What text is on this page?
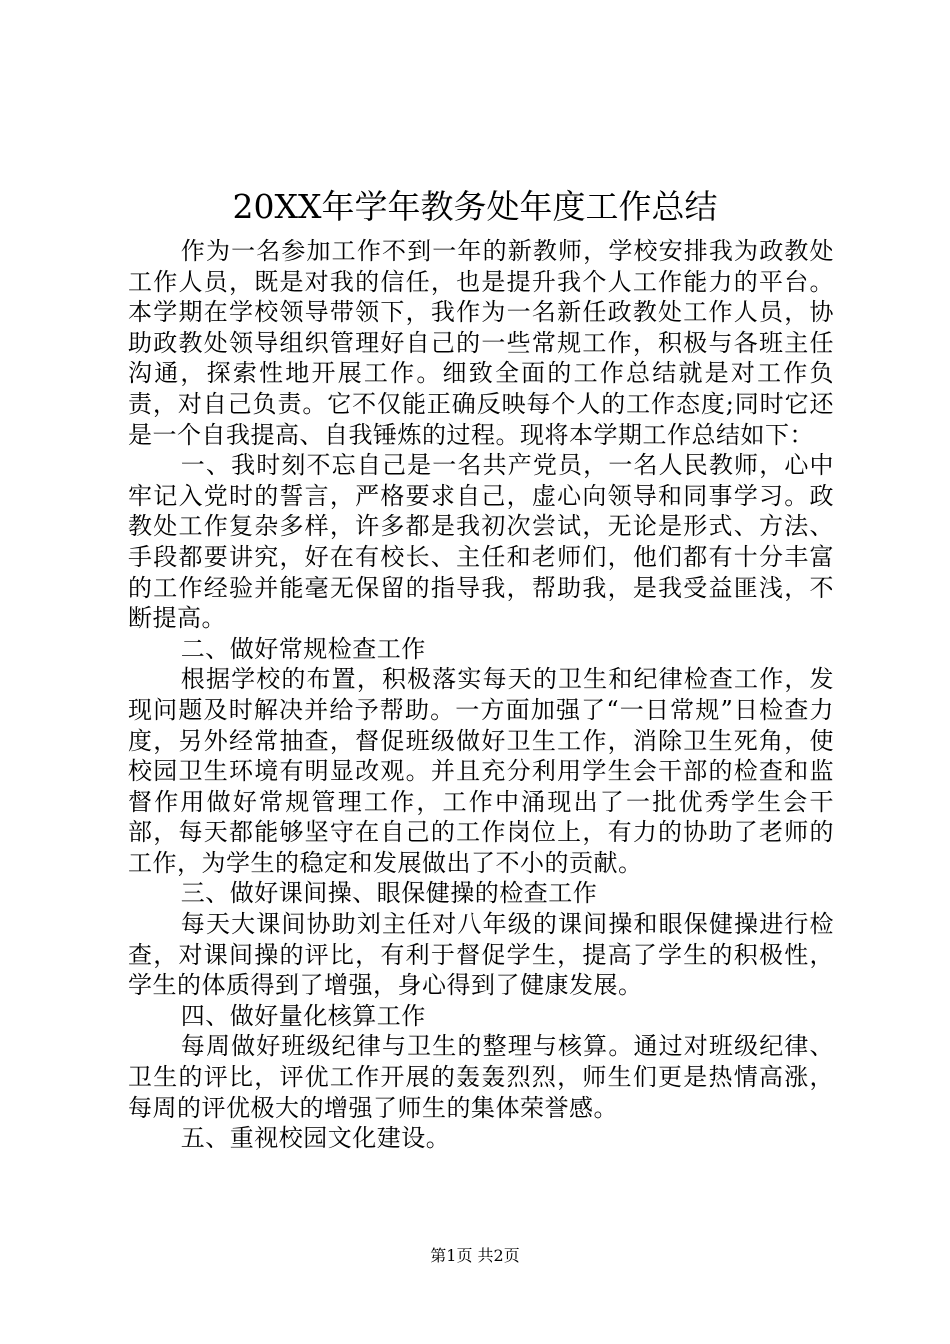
20XX年学年教务处年度工作总结

作为一名参加工作不到一年的新教师，学校安排我为政教处工作人员，既是对我的信任，也是提升我个人工作能力的平台。本学期在学校领导带领下，我作为一名新任政教处工作人员，协助政教处领导组织管理好自己的一些常规工作，积极与各班主任沟通，探索性地开展工作。细致全面的工作总结就是对工作负责，对自己负责。它不仅能正确反映每个人的工作态度;同时它还是一个自我提高、自我锤炼的过程。现将本学期工作总结如下：

一、我时刻不忘自己是一名共产党员，一名人民教师，心中牢记入党时的誓言，严格要求自己，虚心向领导和同事学习。政教处工作复杂多样，许多都是我初次尝试，无论是形式、方法、手段都要讲究，好在有校长、主任和老师们，他们都有十分丰富的工作经验并能毫无保留的指导我，帮助我，是我受益匪浅，不断提高。

二、做好常规检查工作

根据学校的布置，积极落实每天的卫生和纪律检查工作，发现问题及时解决并给予帮助。一方面加强了“一日常规”日检查力度，另外经常抽查，督促班级做好卫生工作，消除卫生死角，使校园卫生环境有明显改观。并且充分利用学生会干部的检查和监督作用做好常规管理工作，工作中涌现出了一批优秀学生会干部，每天都能够坚守在自己的工作岗位上，有力的协助了老师的工作，为学生的稳定和发展做出了不小的贡献。

三、做好课间操、眼保健操的检查工作

每天大课间协助刘主任对八年级的课间操和眼保健操进行检查，对课间操的评比，有利于督促学生，提高了学生的积极性，学生的体质得到了增强，身心得到了健康发展。

四、做好量化核算工作

每周做好班级纪律与卫生的整理与核算。通过对班级纪律、卫生的评比，评优工作开展的轰轰烈烈，师生们更是热情高涨，每周的评优极大的增强了师生的集体荣誉感。

五、重视校园文化建设。

第1页 共2页
